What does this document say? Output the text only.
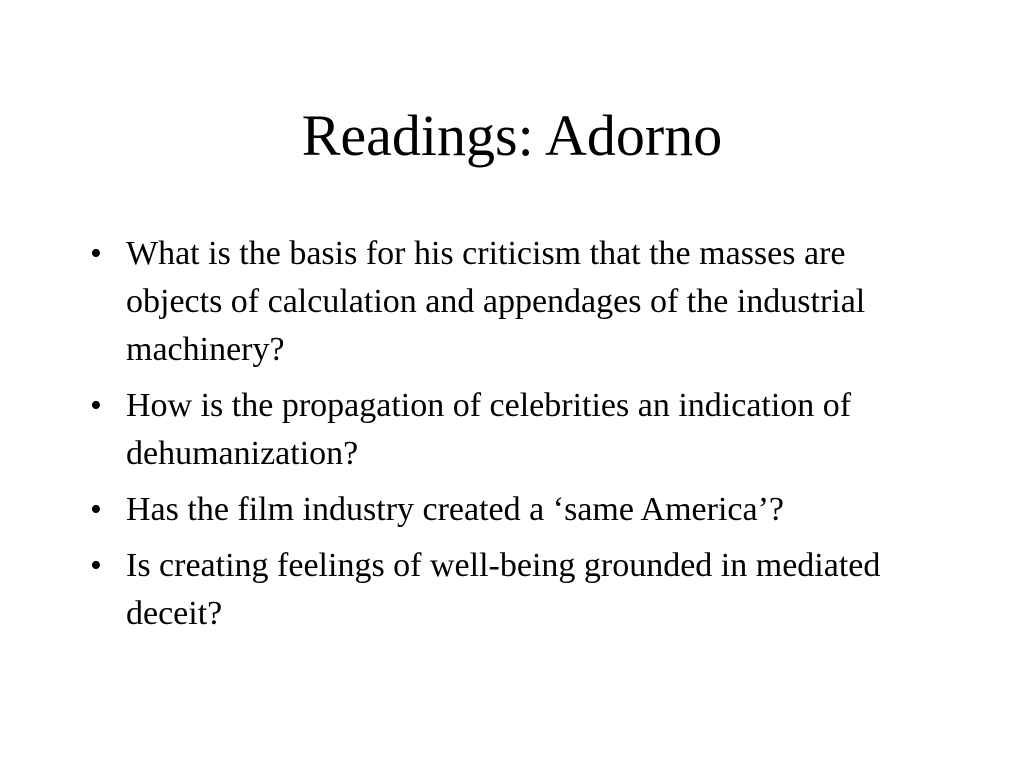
Readings: Adorno
• What is the basis for his criticism that the masses are objects of calculation and appendages of the industrial machinery?
• How is the propagation of celebrities an indication of dehumanization?
• Has the film industry created a ‘same America’?
• Is creating feelings of well-being grounded in mediated deceit?
